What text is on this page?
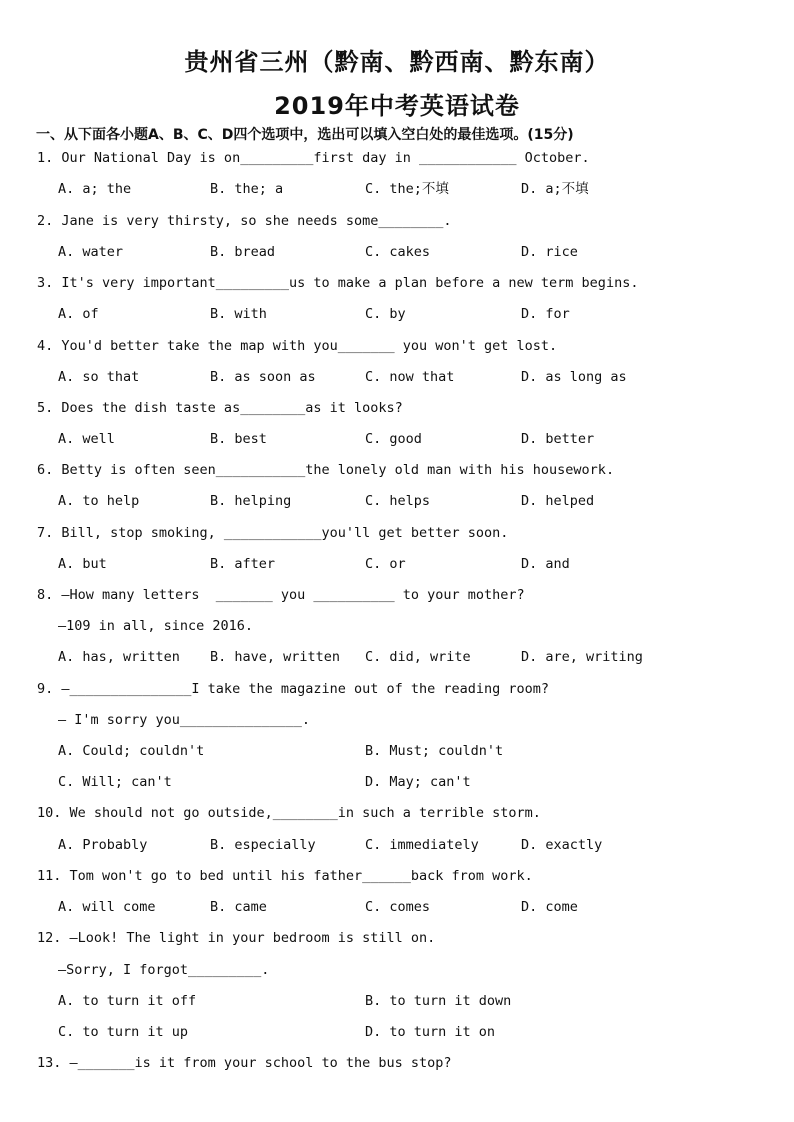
贵州省三州（黔南、黔西南、黔东南）
2019年中考英语试卷
一、从下面各小题A、B、C、D四个选项中，选出可以填入空白处的最佳选项。(15分)
1. Our National Day is on_________first day in ____________ October.
A. a; the	B. the; a	C. the;不填	D. a;不填
2. Jane is very thirsty, so she needs some________.
A. water	B. bread	C. cakes	D. rice
3. It's very important_________us to make a plan before a new term begins.
A. of	B. with	C. by	D. for
4. You'd better take the map with you_______ you won't get lost.
A. so that	B. as soon as	C. now that	D. as long as
5. Does the dish taste as________as it looks?
A. well	B. best	C. good	D. better
6. Betty is often seen___________the lonely old man with his housework.
A. to help	B. helping	C. helps	D. helped
7. Bill, stop smoking, ____________you'll get better soon.
A. but	B. after	C. or	D. and
8. —How many letters  _______ you __________ to your mother?
—109 in all, since 2016.
A. has, written B. have, written C. did, write	D. are, writing
9. —_______________I take the magazine out of the reading room?
— I'm sorry you_______________.
A. Could; couldn't	B. Must; couldn't
C. Will; can't	D. May; can't
10. We should not go outside,________in such a terrible storm.
A. Probably	B. especially	C. immediately	D. exactly
11. Tom won't go to bed until his father______back from work.
A. will come	B. came	C. comes	D. come
12. —Look! The light in your bedroom is still on.
—Sorry, I forgot_________.
A. to turn it off	B. to turn it down
C. to turn it up	D. to turn it on
13. —_______is it from your school to the bus stop?
